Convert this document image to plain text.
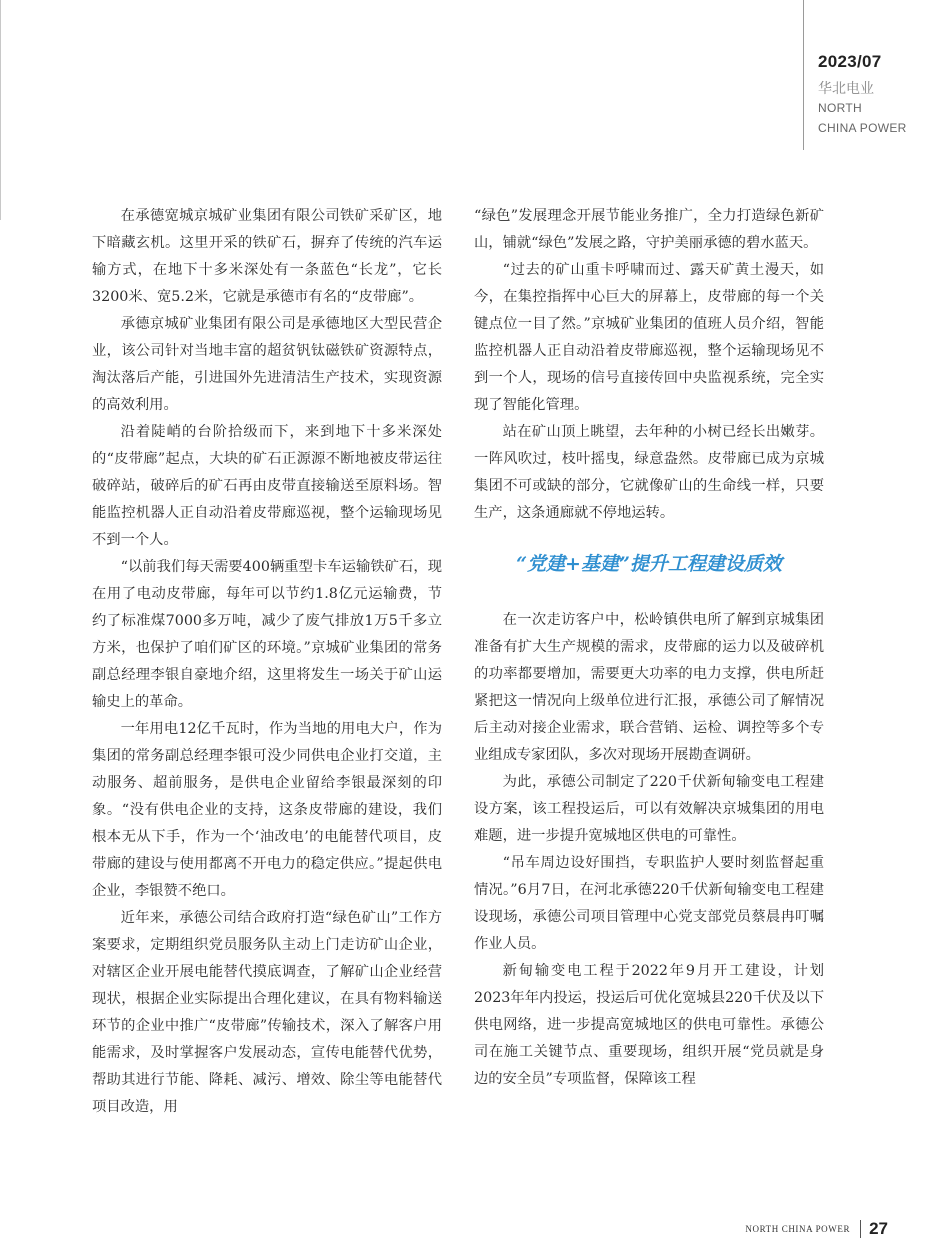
2023/07
华北电业
NORTH
CHINA POWER

在承德宽城京城矿业集团有限公司铁矿采矿区，地下暗藏玄机。这里开采的铁矿石，摒弃了传统的汽车运输方式，在地下十多米深处有一条蓝色“长龙”，它长3200米、宽5.2米，它就是承德市有名的“皮带廊”。

承德京城矿业集团有限公司是承德地区大型民营企业，该公司针对当地丰富的超贫钒钛磁铁矿资源特点，淘汰落后产能，引进国外先进清洁生产技术，实现资源的高效利用。

沿着陡峭的台阶拾级而下，来到地下十多米深处的“皮带廊”起点，大块的矿石正源源不断地被皮带运往破碎站，破碎后的矿石再由皮带直接输送至原料场。智能监控机器人正自动沿着皮带廊巡视，整个运输现场见不到一个人。

“以前我们每天需要400辆重型卡车运输铁矿石，现在用了电动皮带廊，每年可以节约1.8亿元运输费，节约了标准煤7000多万吨，减少了废气排放1万5千多立方米，也保护了咱们矿区的环境。”京城矿业集团的常务副总经理李银自豪地介绍，这里将发生一场关于矿山运输史上的革命。

一年用电12亿千瓦时，作为当地的用电大户，作为集团的常务副总经理李银可没少同供电企业打交道，主动服务、超前服务，是供电企业留给李银最深刻的印象。“没有供电企业的支持，这条皮带廊的建设，我们根本无从下手，作为一个‘油改电’的电能替代项目，皮带廊的建设与使用都离不开电力的稳定供应。”提起供电企业，李银赞不绝口。

近年来，承德公司结合政府打造“绿色矿山”工作方案要求，定期组织党员服务队主动上门走访矿山企业，对辖区企业开展电能替代摸底调查，了解矿山企业经营现状，根据企业实际提出合理化建议，在具有物料输送环节的企业中推广“皮带廊”传输技术，深入了解客户用能需求，及时掌握客户发展动态，宣传电能替代优势，帮助其进行节能、降耗、减污、增效、除尘等电能替代项目改造，用

“绿色”发展理念开展节能业务推广，全力打造绿色新矿山，铺就“绿色”发展之路，守护美丽承德的碧水蓝天。

“过去的矿山重卡呼啸而过、露天矿黄土漫天，如今，在集控指挥中心巨大的屏幕上，皮带廊的每一个关键点位一目了然。”京城矿业集团的值班人员介绍，智能监控机器人正自动沿着皮带廊巡视，整个运输现场见不到一个人，现场的信号直接传回中央监视系统，完全实现了智能化管理。

站在矿山顶上眺望，去年种的小树已经长出嫩芽。一阵风吹过，枝叶摇曳，绿意盎然。皮带廊已成为京城集团不可或缺的部分，它就像矿山的生命线一样，只要生产，这条通廊就不停地运转。

“党建+基建”提升工程建设质效

在一次走访客户中，松岭镇供电所了解到京城集团准备有扩大生产规模的需求，皮带廊的运力以及破碎机的功率都要增加，需要更大功率的电力支撑，供电所赶紧把这一情况向上级单位进行汇报，承德公司了解情况后主动对接企业需求，联合营销、运检、调控等多个专业组成专家团队，多次对现场开展勘查调研。

为此，承德公司制定了220千伏新甸输变电工程建设方案，该工程投运后，可以有效解决京城集团的用电难题，进一步提升宽城地区供电的可靠性。

“吊车周边设好围挡，专职监护人要时刻监督起重情况。”6月7日，在河北承德220千伏新甸输变电工程建设现场，承德公司项目管理中心党支部党员蔡晨冉叮嘱作业人员。

新甸输变电工程于2022年9月开工建设，计划2023年年内投运，投运后可优化宽城县220千伏及以下供电网络，进一步提高宽城地区的供电可靠性。承德公司在施工关键节点、重要现场，组织开展“党员就是身边的安全员”专项监督，保障该工程

NORTH CHINA POWER 27
